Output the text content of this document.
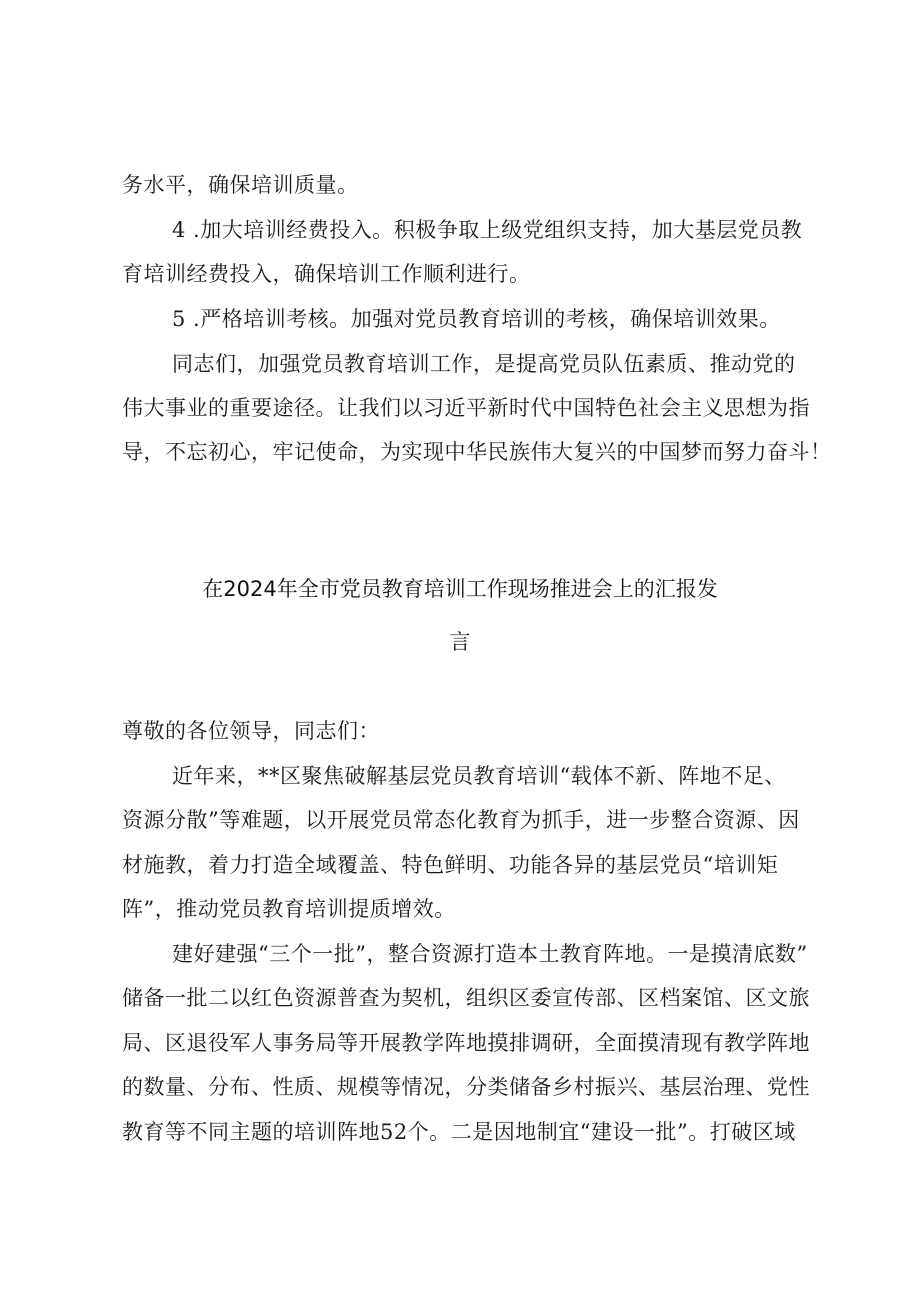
务水平，确保培训质量。
4 .加大培训经费投入。积极争取上级党组织支持，加大基层党员教
育培训经费投入，确保培训工作顺利进行。
5 .严格培训考核。加强对党员教育培训的考核，确保培训效果。
同志们，加强党员教育培训工作，是提高党员队伍素质、推动党的
伟大事业的重要途径。让我们以习近平新时代中国特色社会主义思想为指
导，不忘初心，牢记使命，为实现中华民族伟大复兴的中国梦而努力奋斗！
在2024年全市党员教育培训工作现场推进会上的汇报发
言
尊敬的各位领导，同志们：
近年来，**区聚焦破解基层党员教育培训“载体不新、阵地不足、
资源分散”等难题，以开展党员常态化教育为抓手，进一步整合资源、因
材施教，着力打造全域覆盖、特色鲜明、功能各异的基层党员“培训矩
阵”，推动党员教育培训提质增效。
建好建强“三个一批”，整合资源打造本土教育阵地。一是摸清底数”
储备一批二以红色资源普查为契机，组织区委宣传部、区档案馆、区文旅
局、区退役军人事务局等开展教学阵地摸排调研，全面摸清现有教学阵地
的数量、分布、性质、规模等情况，分类储备乡村振兴、基层治理、党性
教育等不同主题的培训阵地52个。二是因地制宜“建设一批”。打破区域
